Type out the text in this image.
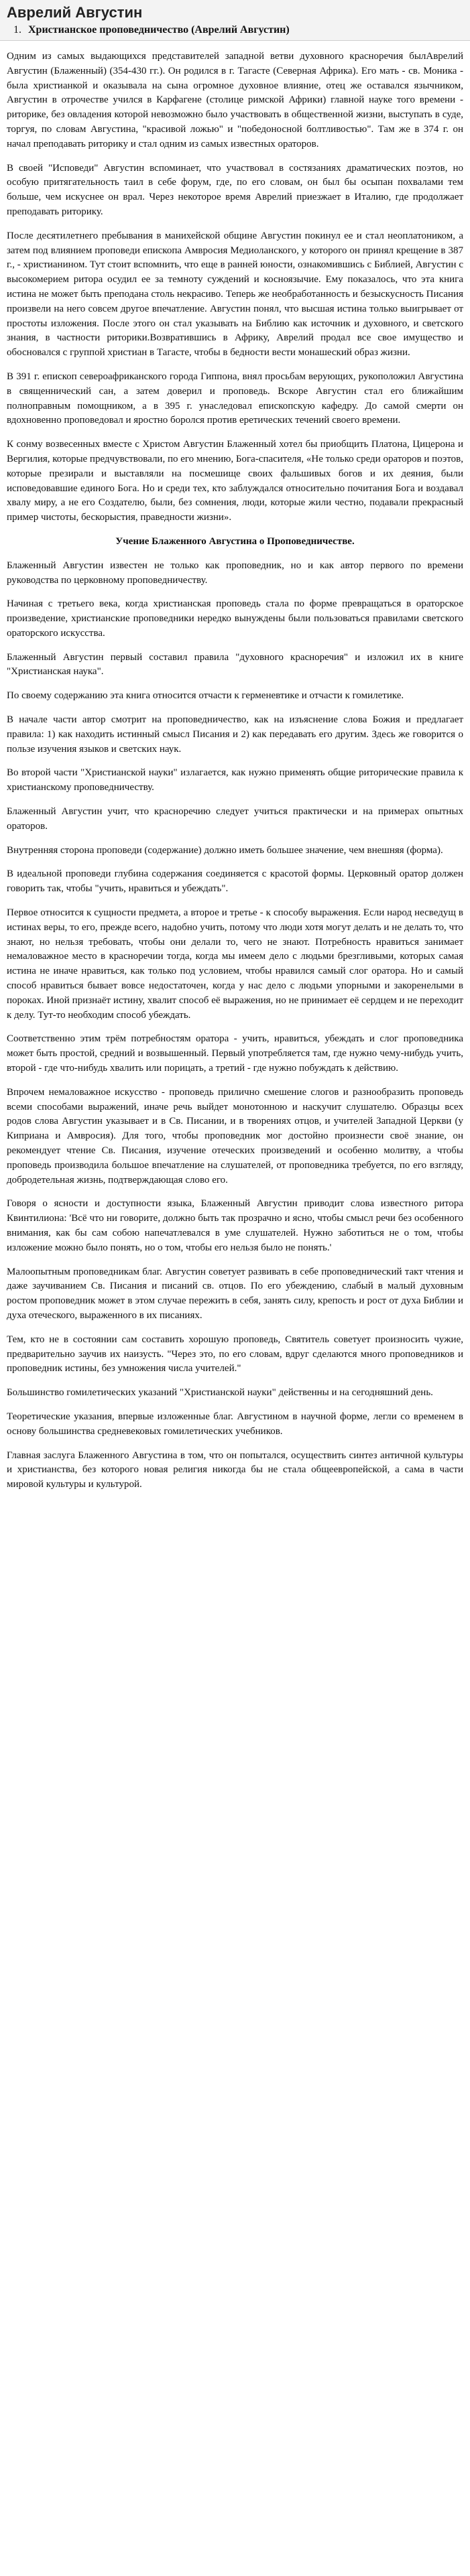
Аврелий Августин
1. Христианское проповедничество (Аврелий Августин)

Одним из самых выдающихся представителей западной ветви духовного красноречия былАврелий Августин (Блаженный) (354-430 гг.). Он родился в г. Тагасте (Северная Африка). Его мать - св. Моника - была христианкой и оказывала на сына огромное духовное влияние, отец же оставался язычником, Августин в отрочестве учился в Карфагене (столице римской Африки) главной науке того времени - риторике, без овладения которой невозможно было участвовать в общественной жизни, выступать в суде, торгуя, по словам Августина, "красивой ложью" и "победоносной болтливостью". Там же в 374 г. он начал преподавать риторику и стал одним из самых известных ораторов.

В своей "Исповеди" Августин вспоминает, что участвовал в состязаниях драматических поэтов, но особую притягательность таил в себе форум, где, по его словам, он был бы осыпан похвалами тем больше, чем искуснее он врал. Через некоторое время Аврелий приезжает в Италию, где продолжает преподавать риторику.

После десятилетнего пребывания в манихейской общине Августин покинул ее и стал неоплатоником, а затем под влиянием проповеди епископа Амвросия Медиоланского, у которого он принял крещение в 387 г., - христианином. Тут стоит вспомнить, что еще в ранней юности, ознакомившись с Библией, Августин с высокомерием ритора осудил ее за темноту суждений и косноязычие. Ему показалось, что эта книга истина не может быть преподана столь некрасиво. Теперь же необработанность и безыскусность Писания произвели на него совсем другое впечатление. Августин понял, что высшая истина только выигрывает от простоты изложения. После этого он стал указывать на Библию как источник и духовного, и светского знания, в частности риторики.Возвратившись в Африку, Аврелий продал все свое имущество и обосновался с группой христиан в Тагасте, чтобы в бедности вести монашеский образ жизни.

В 391 г. епископ североафриканского города Гиппона, внял просьбам верующих, рукоположил Августина в священнический сан, а затем доверил и проповедь. Вскоре Августин стал его ближайшим полноправным помощником, а в 395 г. унаследовал епископскую кафедру. До самой смерти он вдохновенно проповедовал и яростно боролся против еретических течений своего времени.

К сонму возвеcенных вместе с Христом Августин Блаженный хотел бы приобщить Платона, Цицерона и Вергилия, которые предчувствовали, по его мнению, Бога-спасителя, «Не только среди ораторов и поэтов, которые презирали и выставляли на посмешище своих фальшивых богов и их деяния, были исповедовавшие единого Бога. Но и среди тех, кто заблуждался относительно почитания Бога и воздавал хвалу миру, а не его Создателю, были, без сомнения, люди, которые жили честно, подавали прекрасный пример чистоты, бескорыстия, праведности жизни».

Учение Блаженного Августина о Проповедничестве.

Блаженный Августин известен не только как проповедник, но и как автор первого по времени руководства по церковному проповедничеству.

Начиная с третьего века, когда христианская проповедь стала по форме превращаться в ораторское произведение, христианские проповедники нередко вынуждены были пользоваться правилами светского ораторского искусства.

Блаженный Августин первый составил правила "духовного красноречия" и изложил их в книге "Христианская наука".

По своему содержанию эта книга относится отчасти к герменевтике и отчасти к гомилетике.

В начале части автор смотрит на проповедничество, как на изъяснение слова Божия и предлагает правила: 1) как находить истинный смысл Писания и 2) как передавать его другим. Здесь же говорится о пользе изучения языков и светских наук.

Во второй части "Христианской науки" излагается, как нужно применять общие риторические правила к христианскому проповедничеству.

Блаженный Августин учит, что красноречию следует учиться практически и на примерах опытных ораторов.

Внутренняя сторона проповеди (содержание) должно иметь большее значение, чем внешняя (форма).

В идеальной проповеди глубина содержания соединяется с красотой формы. Церковный оратор должен говорить так, чтобы "учить, нравиться и убеждать".

Первое относится к сущности предмета, а второе и третье - к способу выражения. Если народ несведущ в истинах веры, то его, прежде всего, надобно учить, потому что люди хотя могут делать и не делать то, что знают, но нельзя требовать, чтобы они делали то, чего не знают. Потребность нравиться занимает немаловажное место в красноречии тогда, когда мы имеем дело с людьми брезгливыми, которых самая истина не иначе нравиться, как только под условием, чтобы нравился самый слог оратора. Но и самый способ нравиться бывает вовсе недостаточен, когда у нас дело с людьми упорными и закоренелыми в пороках. Иной признаёт истину, хвалит способ её выражения, но не принимает её сердцем и не переходит к делу. Тут-то необходим способ убеждать.

Соответственно этим трём потребностям оратора - учить, нравиться, убеждать и слог проповедника может быть простой, средний и возвышенный. Первый употребляется там, где нужно чему-нибудь учить, второй - где что-нибудь хвалить или порицать, а третий - где нужно побуждать к действию.

Впрочем немаловажное искусство - проповедь прилично смешение слогов и разнообразить проповедь всеми способами выражений, иначе речь выйдет монотонною и наскучит слушателю. Образцы всех родов слова Августин указывает и в Св. Писании, и в творениях отцов, и учителей Западной Церкви (у Киприана и Амвросия). Для того, чтобы проповедник мог достойно произнести своё знание, он рекомендует чтение Св. Писания, изучение отеческих произведений и особенно молитву, а чтобы проповедь производила большое впечатление на слушателей, от проповедника требуется, по его взгляду, добродетельная жизнь, подтверждающая слово его.

Говоря о ясности и доступности языка, Блаженный Августин приводит слова известного ритора Квинтилиона: 'Всё что ни говорите, должно быть так прозрачно и ясно, чтобы смысл речи без особенного внимания, как бы сам собою напечатлевался в уме слушателей. Нужно заботиться не о том, чтобы изложение можно было понять, но о том, чтобы его нельзя было не понять.'

Малоопытным проповедникам благ. Августин советует развивать в себе проповеднический такт чтения и даже заучиванием Св. Писания и писаний св. отцов. По его убеждению, слабый в малый духовным ростом проповедник может в этом случае пережить в себя, занять силу, крепость и рост от духа Библии и духа отеческого, выраженного в их писаниях.

Тем, кто не в состоянии сам составить хорошую проповедь, Святитель советует произносить чужие, предварительно заучив их наизусть. "Через это, по его словам, вдруг сделаются много проповедников и проповедник истины, без умножения числа учителей."

Большинство гомилетических указаний "Христианской науки" действенны и на сегодняшний день.

Теоретические указания, впервые изложенные благ. Августином в научной форме, легли со временем в основу большинства средневековых гомилетических учебников.

Главная заслуга Блаженного Августина в том, что он попытался, осуществить синтез античной культуры и христианства, без которого новая религия никогда бы не стала общеевропейской, а сама в части мировой культуры и культурой.
